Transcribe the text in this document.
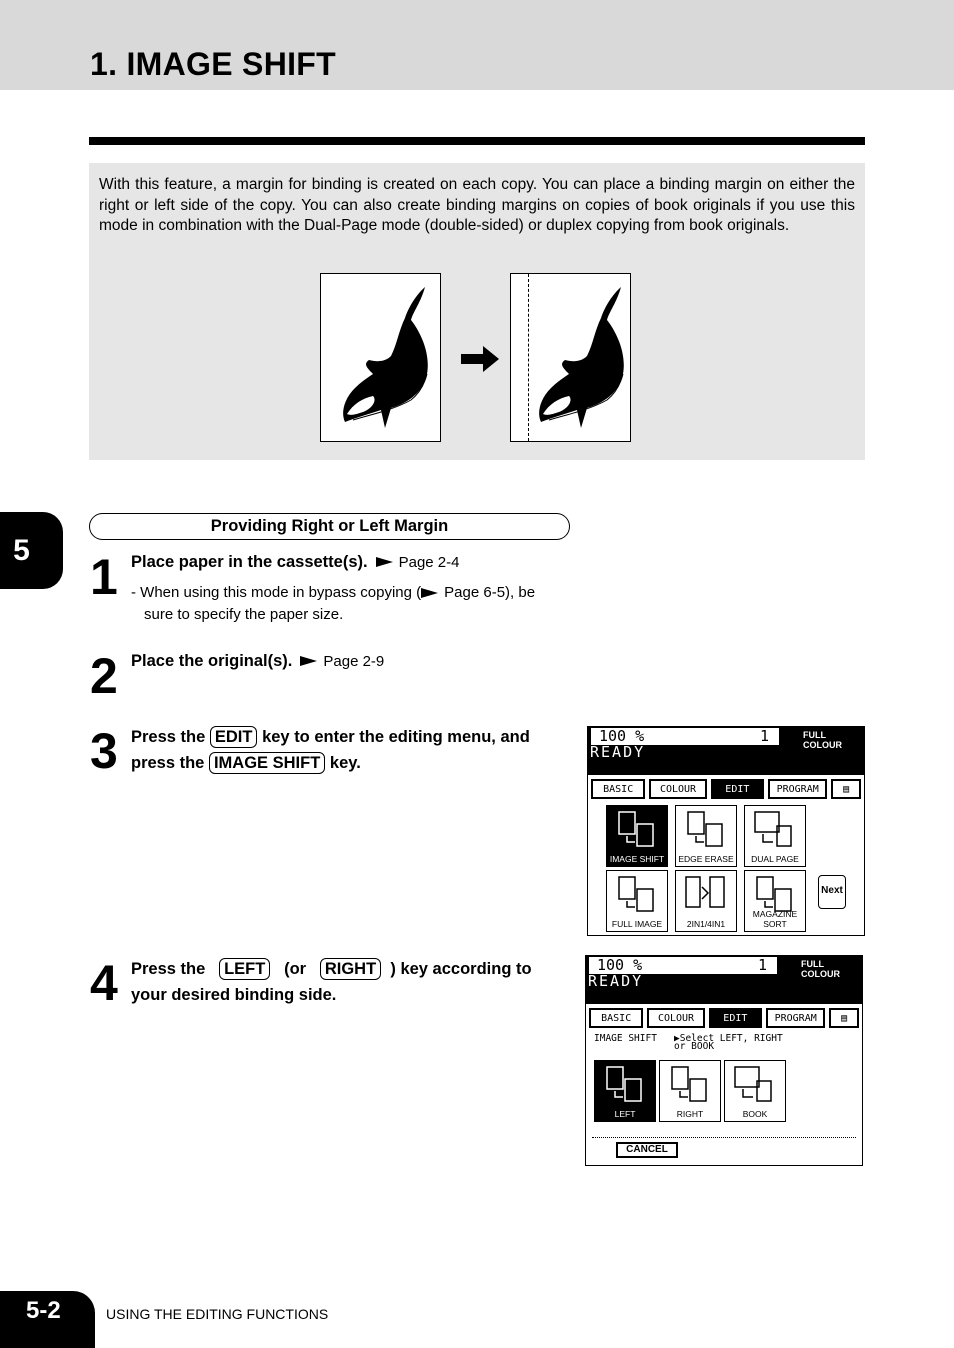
1. IMAGE SHIFT

With this feature, a margin for binding is created on each copy. You can place a binding margin on either the right or left side of the copy. You can also create binding margins on copies of book originals if you use this mode in combination with the Dual-Page mode (double-sided) or duplex copying from book originals.

5
Providing Right or Left Margin
1 Place paper in the cassette(s). Page 2-4
- When using this mode in bypass copying ( Page 6-5), be
sure to specify the paper size.
2 Place the original(s). Page 2-9
3 Press the EDIT key to enter the editing menu, and
press the IMAGE SHIFT key.
4 Press the LEFT (or RIGHT ) key according to
your desired binding side.
100 %	1	FULL COLOUR
READY
BASIC	COLOUR	EDIT	PROGRAM	▤
IMAGE SHIFT	EDGE ERASE	DUAL PAGE
FULL IMAGE	2IN1/4IN1
MAGAZINE SORT
Next
100 %	1	FULL COLOUR
READY
BASIC	COLOUR	EDIT	PROGRAM	▤
IMAGE SHIFT ▶Select LEFT, RIGHT
or BOOK
LEFT	RIGHT	BOOK
CANCEL
5-2	USING THE EDITING FUNCTIONS
